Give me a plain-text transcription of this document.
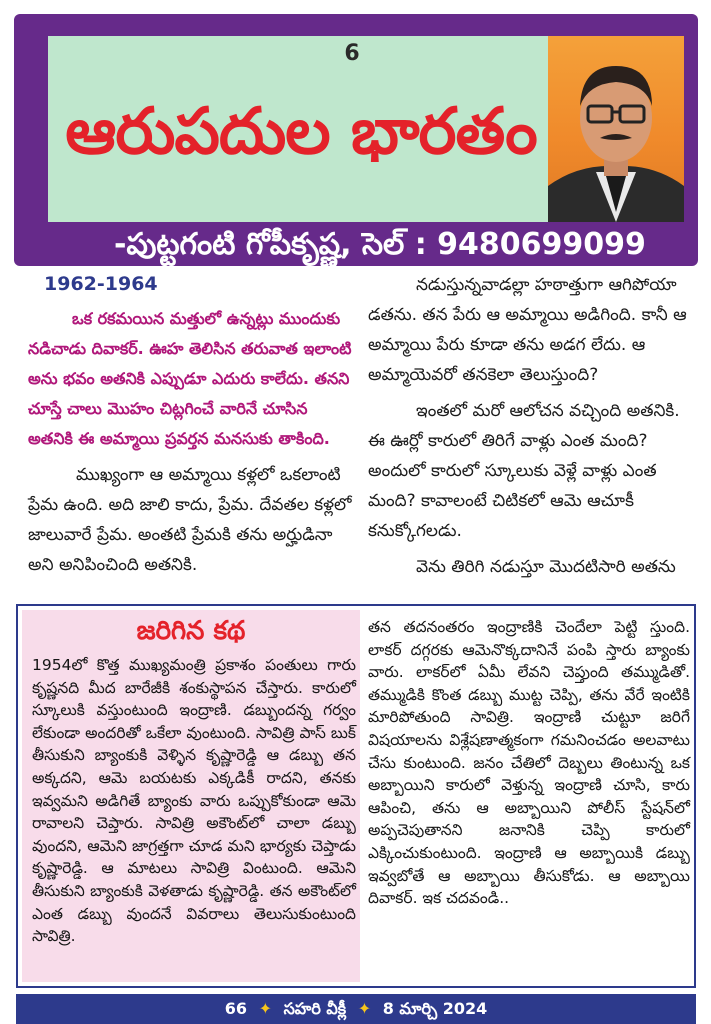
6
ఆరుపదుల భారతం
-పుట్టగంటి గోపీకృష్ణ, సెల్ : 9480699099
1962-1964

ఒక రకమయిన మత్తులో ఉన్నట్లు ముందుకు నడిచాడు దివాకర్. ఊహ తెలిసిన తరువాత ఇలాంటి అను భవం అతనికి ఎప్పుడూ ఎదురు కాలేదు. తనని చూస్తే చాలు మొహం చిట్లగించే వారినే చూసిన అతనికి ఈ అమ్మాయి ప్రవర్తన మనసుకు తాకింది.

ముఖ్యంగా ఆ అమ్మాయి కళ్లలో ఒకలాంటి ప్రేమ ఉంది. అది జాలి కాదు, ప్రేమ. దేవతల కళ్లలో జాలువారే ప్రేమ. అంతటి ప్రేమకి తను అర్హుడినా అని అనిపించింది అతనికి.

నడుస్తున్నవాడల్లా హఠాత్తుగా ఆగిపోయా డతను. తన పేరు ఆ అమ్మాయి అడిగింది. కానీ ఆ అమ్మాయి పేరు కూడా తను అడగ లేదు. ఆ అమ్మాయెవరో తనకెలా తెలుస్తుంది?

ఇంతలో మరో ఆలోచన వచ్చింది అతనికి. ఈ ఊర్లో కారులో తిరిగే వాళ్లు ఎంత మంది? అందులో కారులో స్కూలుకు వెళ్లే వాళ్లు ఎంత మంది? కావాలంటే చిటికలో ఆమె ఆచూకీ కనుక్కోగలడు.

వెను తిరిగి నడుస్తూ మొదటిసారి అతను

జరిగిన కథ

1954లో కొత్త ముఖ్యమంత్రి ప్రకాశం పంతులు గారు కృష్ణనది మీద బారేజీకి శంకుస్థాపన చేస్తారు. కారులో స్కూలుకి వస్తుంటుంది ఇంద్రాణి. డబ్బుందన్న గర్వం లేకుండా అందరితో ఒకేలా వుంటుంది. సావిత్రి పాస్ బుక్ తీసుకుని బ్యాంకుకి వెళ్ళిన కృష్ణారెడ్డి ఆ డబ్బు తన అక్కదని, ఆమె బయటకు ఎక్కడికీ రాదని, తనకు ఇవ్వమని అడిగితే బ్యాంకు వారు ఒప్పుకోకుండా ఆమె రావాలని చెప్తారు. సావిత్రి అకౌంట్‌లో చాలా డబ్బు వుందని, ఆమెని జాగ్రత్తగా చూడ మని భార్యకు చెప్తాడు కృష్ణారెడ్డి. ఆ మాటలు సావిత్రి వింటుంది. ఆమెని తీసుకుని బ్యాంకుకి వెళతాడు కృష్ణారెడ్డి. తన అకౌంట్‌లో ఎంత డబ్బు వుందనే వివరాలు తెలుసుకుంటుంది సావిత్రి.

తన తదనంతరం ఇంద్రాణికి చెందేలా పెట్టి స్తుంది. లాకర్ దగ్గరకు ఆమెనొక్కదానినే పంపి స్తారు బ్యాంకు వారు. లాకర్‌లో ఏమీ లేవని చెప్తుంది తమ్ముడితో. తమ్ముడికి కొంత డబ్బు ముట్ట చెప్పి, తను వేరే ఇంటికి మారిపోతుంది సావిత్రి. ఇంద్రాణి చుట్టూ జరిగే విషయాలను విశ్లేషణాత్మకంగా గమనించడం అలవాటు చేసు కుంటుంది. జనం చేతిలో దెబ్బలు తింటున్న ఒక అబ్బాయిని కారులో వెళ్తున్న ఇంద్రాణి చూసి, కారు ఆపించి, తను ఆ అబ్బాయిని పోలీస్ స్టేషన్‌లో అప్పచెపుతానని జనానికి చెప్పి కారులో ఎక్కించుకుంటుంది. ఇంద్రాణి ఆ అబ్బాయికి డబ్బు ఇవ్వబోతే ఆ అబ్బాయి తీసుకోడు. ఆ అబ్బాయి దివాకర్. ఇక చదవండి..

66 ✦ సహరి వీక్లీ ✦ 8 మార్చి 2024
